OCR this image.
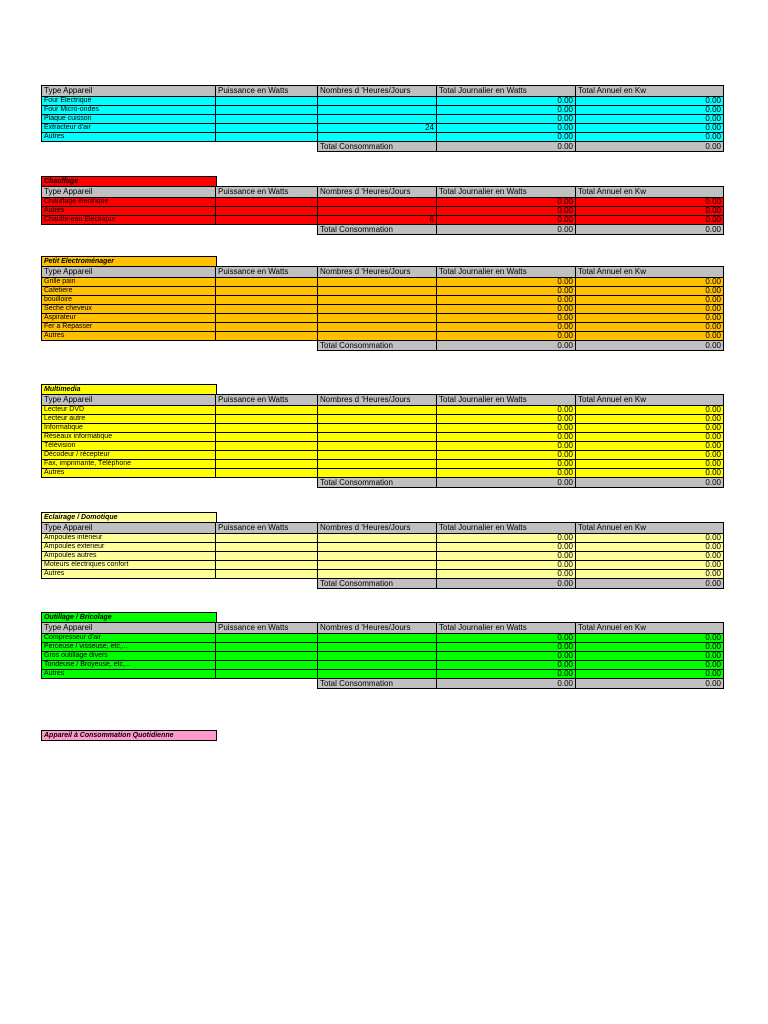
Type Appareil	Puissance en Watts	Nombres d 'Heures/Jours	Total Journalier en Watts	Total Annuel en Kw
Four Electrique			0.00	0.00
Four Micro-ondes			0.00	0.00
Plaque cuisson			0.00	0.00
Extracteur d'air		24	0.00	0.00
Autres			0.00	0.00
		Total Consommation	0.00	0.00
Chauffage
Type Appareil	Puissance en Watts	Nombres d 'Heures/Jours	Total Journalier en Watts	Total Annuel en Kw
Chauffage électrique			0.00	0.00
Autres			0.00	0.00
Chauffe-eau Electrique		6	0.00	0.00
		Total Consommation	0.00	0.00
Petit Electroménager
Type Appareil	Puissance en Watts	Nombres d 'Heures/Jours	Total Journalier en Watts	Total Annuel en Kw
Grille pain			0.00	0.00
Cafetiere			0.00	0.00
bouilloire			0.00	0.00
Seche cheveux			0.00	0.00
Aspirateur			0.00	0.00
Fer a Repasser			0.00	0.00
Autres			0.00	0.00
		Total Consommation	0.00	0.00
Multimedia
Type Appareil	Puissance en Watts	Nombres d 'Heures/Jours	Total Journalier en Watts	Total Annuel en Kw
Lecteur DVD			0.00	0.00
Lecteur autre			0.00	0.00
Informatique			0.00	0.00
Réseaux informatique			0.00	0.00
Télévision			0.00	0.00
Décodeur / récepteur			0.00	0.00
Fax, imprimante, Téléphone			0.00	0.00
Autres			0.00	0.00
		Total Consommation	0.00	0.00
Eclairage / Domotique
Type Appareil	Puissance en Watts	Nombres d 'Heures/Jours	Total Journalier en Watts	Total Annuel en Kw
Ampoules intérieur			0.00	0.00
Ampoules exterieur			0.00	0.00
Ampoules autres			0.00	0.00
Moteurs électriques confort			0.00	0.00
Autres			0.00	0.00
		Total Consommation	0.00	0.00
Outillage / Bricolage
Type Appareil	Puissance en Watts	Nombres d 'Heures/Jours	Total Journalier en Watts	Total Annuel en Kw
Compresseur d'air			0.00	0.00
Perceuse / visseuse, etc,...			0.00	0.00
Gros outillage divers			0.00	0.00
Tondeuse / Broyeuse, etc,...			0.00	0.00
Autres			0.00	0.00
		Total Consommation	0.00	0.00
Appareil à Consommation Quotidienne
